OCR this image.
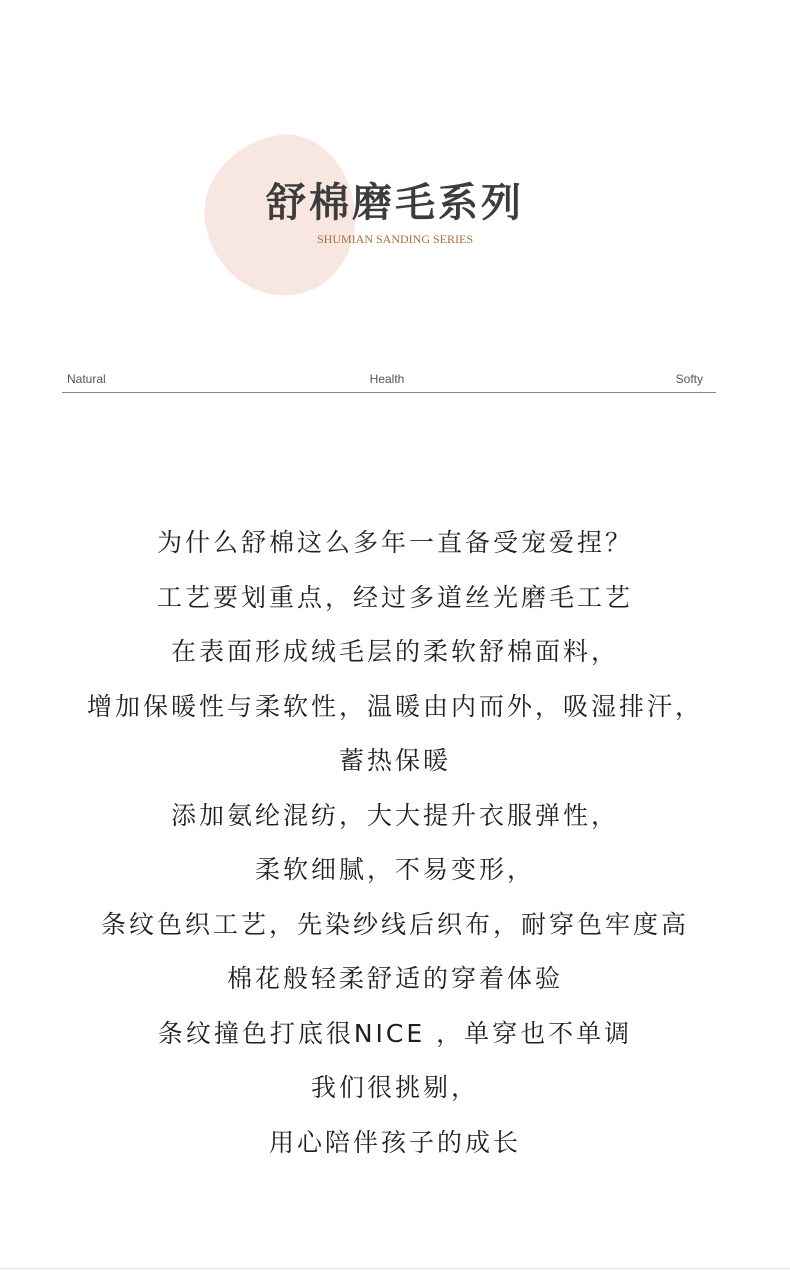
舒棉磨毛系列
SHUMIAN SANDING SERIES
Natural	Health	Softy
为什么舒棉这么多年一直备受宠爱捏？
工艺要划重点，经过多道丝光磨毛工艺
在表面形成绒毛层的柔软舒棉面料，
增加保暖性与柔软性，温暖由内而外，吸湿排汗，
蓄热保暖
添加氨纶混纺，大大提升衣服弹性，
柔软细腻，不易变形，
条纹色织工艺，先染纱线后织布，耐穿色牢度高
棉花般轻柔舒适的穿着体验
条纹撞色打底很NICE ，单穿也不单调
我们很挑剔，
用心陪伴孩子的成长
